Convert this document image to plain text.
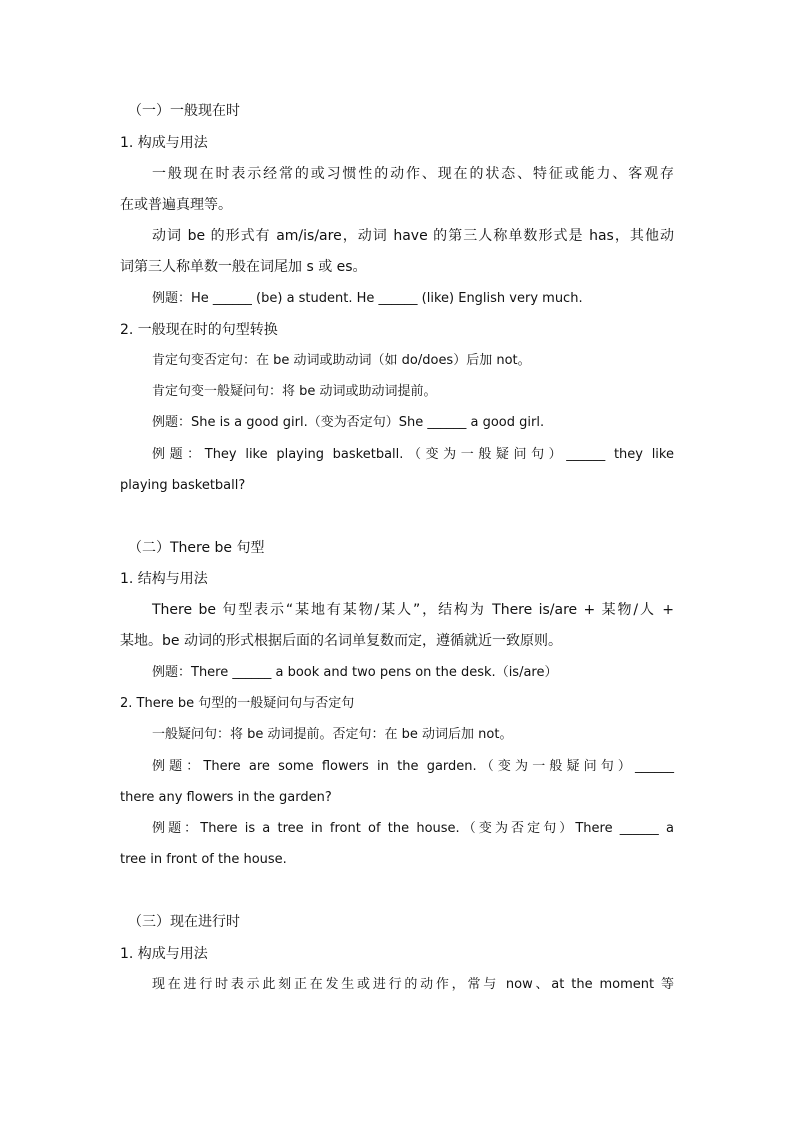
（一）一般现在时
1. 构成与用法
一般现在时表示经常的或习惯性的动作、现在的状态、特征或能力、客观存
在或普遍真理等。
动词 be 的形式有 am/is/are，动词 have 的第三人称单数形式是 has，其他动
词第三人称单数一般在词尾加 s 或 es。
例题：He ______ (be) a student. He ______ (like) English very much.
2. 一般现在时的句型转换
肯定句变否定句：在 be 动词或助动词（如 do/does）后加 not。
肯定句变一般疑问句：将 be 动词或助动词提前。
例题：She is a good girl.（变为否定句）She ______ a good girl.
例题：They like playing basketball.（变为一般疑问句）______ they like
playing basketball?
（二）There be 句型
1. 结构与用法
There be 句型表示“某地有某物/某人”，结构为 There is/are + 某物/人 +
某地。be 动词的形式根据后面的名词单复数而定，遵循就近一致原则。
例题：There ______ a book and two pens on the desk.（is/are）
2. There be 句型的一般疑问句与否定句
一般疑问句：将 be 动词提前。否定句：在 be 动词后加 not。
例题：There are some flowers in the garden.（变为一般疑问句）______
there any flowers in the garden?
例题：There is a tree in front of the house.（变为否定句）There ______ a
tree in front of the house.
（三）现在进行时
1. 构成与用法
现在进行时表示此刻正在发生或进行的动作，常与 now、at the moment 等
